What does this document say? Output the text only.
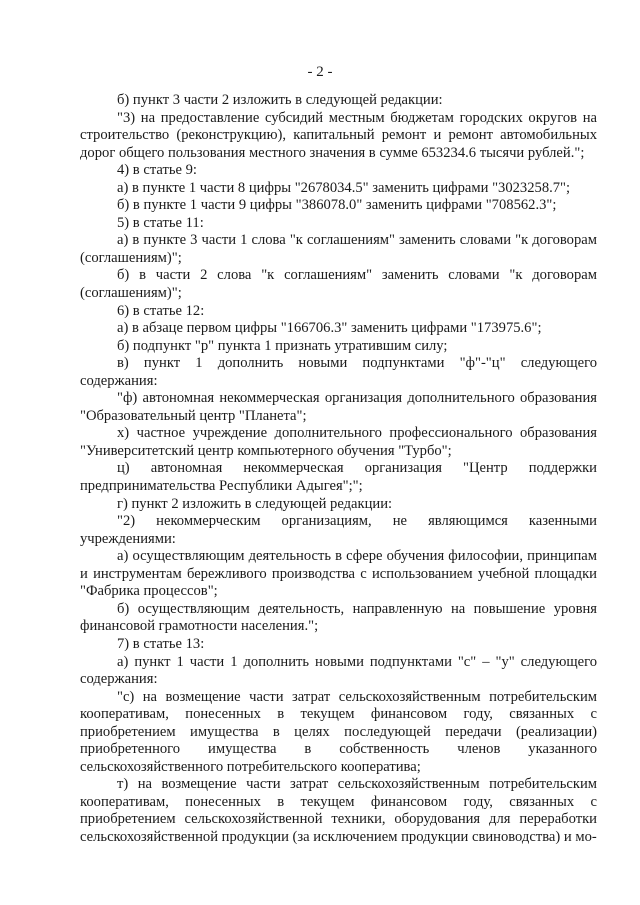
- 2 -

б) пункт 3 части 2 изложить в следующей редакции:

"3) на предоставление субсидий местным бюджетам городских округов на строительство (реконструкцию), капитальный ремонт и ремонт автомобильных дорог общего пользования местного значения в сумме 653234.6 тысячи рублей.";

4) в статье 9:

а) в пункте 1 части 8 цифры "2678034.5" заменить цифрами "3023258.7";

б) в пункте 1 части 9 цифры "386078.0" заменить цифрами "708562.3";

5) в статье 11:

а) в пункте 3 части 1 слова "к соглашениям" заменить словами "к договорам (соглашениям)";

б) в части 2 слова "к соглашениям" заменить словами "к договорам (соглашениям)";

6) в статье 12:

а) в абзаце первом цифры "166706.3" заменить цифрами "173975.6";

б) подпункт "р" пункта 1 признать утратившим силу;

в) пункт 1 дополнить новыми подпунктами "ф"-"ц" следующего содержания:

"ф) автономная некоммерческая организация дополнительного образования "Образовательный центр "Планета";

х) частное учреждение дополнительного профессионального образования "Университетский центр компьютерного обучения "Турбо";

ц) автономная некоммерческая организация "Центр поддержки предпринимательства Республики Адыгея";";

г) пункт 2 изложить в следующей редакции:

"2) некоммерческим организациям, не являющимся казенными учреждениями:

а) осуществляющим деятельность в сфере обучения философии, принципам и инструментам бережливого производства с использованием учебной площадки "Фабрика процессов";

б) осуществляющим деятельность, направленную на повышение уровня финансовой грамотности населения.";

7) в статье 13:

а) пункт 1 части 1 дополнить новыми подпунктами "с" – "у" следующего содержания:

"с) на возмещение части затрат сельскохозяйственным потребительским кооперативам, понесенных в текущем финансовом году, связанных с приобретением имущества в целях последующей передачи (реализации) приобретенного имущества в собственность членов указанного сельскохозяйственного потребительского кооператива;

т) на возмещение части затрат сельскохозяйственным потребительским кооперативам, понесенных в текущем финансовом году, связанных с приобретением сельскохозяйственной техники, оборудования для переработки сельскохозяйственной продукции (за исключением продукции свиноводства) и мо-
